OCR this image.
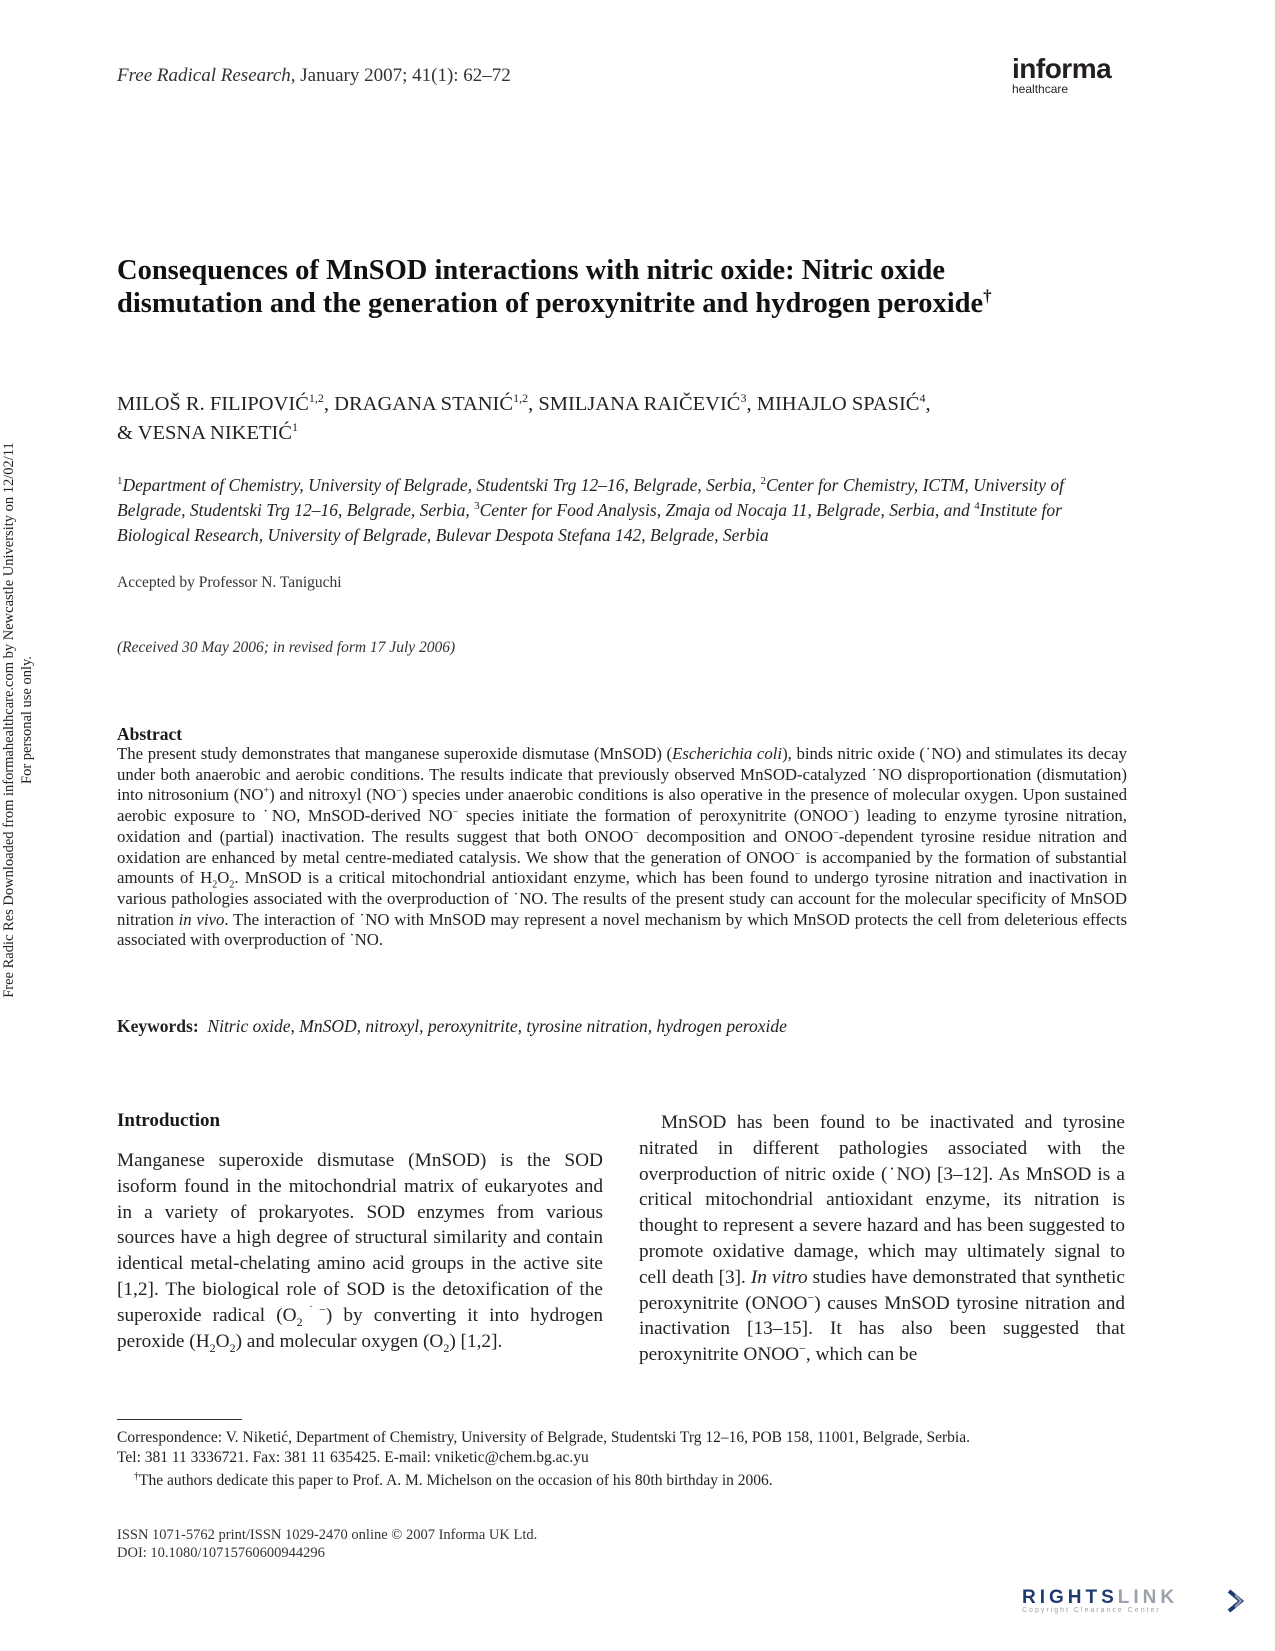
Free Radical Research, January 2007; 41(1): 62–72	informa
healthcare
Free Radic Res Downloaded from informahealthcare.com by Newcastle University on 12/02/11 For personal use only.
Consequences of MnSOD interactions with nitric oxide: Nitric oxide
dismutation and the generation of peroxynitrite and hydrogen peroxide†
MILOŠ R. FILIPOVIĆ$^{1,2}$, DRAGANA STANIĆ$^{1,2}$, SMILJANA RAIČEVIĆ$^3$, MIHAJLO SPASIĆ$^4$,
& VESNA NIKETIĆ$^1$
$^1$Department of Chemistry, University of Belgrade, Studentski Trg 12–16, Belgrade, Serbia, $^2$Center for Chemistry, ICTM, University of Belgrade, Studentski Trg 12–16, Belgrade, Serbia, $^3$Center for Food Analysis, Zmaja od Nocaja 11, Belgrade, Serbia, and $^4$Institute for Biological Research, University of Belgrade, Bulevar Despota Stefana 142, Belgrade, Serbia
Accepted by Professor N. Taniguchi
(Received 30 May 2006; in revised form 17 July 2006)
Abstract
The present study demonstrates that manganese superoxide dismutase (MnSOD) (Escherichia coli), binds nitric oxide (˙NO) and stimulates its decay under both anaerobic and aerobic conditions. The results indicate that previously observed MnSOD-catalyzed ˙NO disproportionation (dismutation) into nitrosonium (NO+) and nitroxyl (NO−) species under anaerobic conditions is also operative in the presence of molecular oxygen. Upon sustained aerobic exposure to ˙NO, MnSOD-derived NO− species initiate the formation of peroxynitrite (ONOO−) leading to enzyme tyrosine nitration, oxidation and (partial) inactivation. The results suggest that both ONOO− decomposition and ONOO−-dependent tyrosine residue nitration and oxidation are enhanced by metal centre-mediated catalysis. We show that the generation of ONOO− is accompanied by the formation of substantial amounts of $H_2O_2$. MnSOD is a critical mitochondrial antioxidant enzyme, which has been found to undergo tyrosine nitration and inactivation in various pathologies associated with the overproduction of ˙NO. The results of the present study can account for the molecular specificity of MnSOD nitration in vivo. The interaction of ˙NO with MnSOD may represent a novel mechanism by which MnSOD protects the cell from deleterious effects associated with overproduction of ˙NO.
Keywords: Nitric oxide, MnSOD, nitroxyl, peroxynitrite, tyrosine nitration, hydrogen peroxide
Introduction
Manganese superoxide dismutase (MnSOD) is the SOD isoform found in the mitochondrial matrix of eukaryotes and in a variety of prokaryotes. SOD enzymes from various sources have a high degree of structural similarity and contain identical metal-chelating amino acid groups in the active site [1,2]. The biological role of SOD is the detoxification of the superoxide radical $(O_2^{˙-})$ by converting it into hydrogen peroxide $(H_2O_2)$ and molecular oxygen $(O_2)$ [1,2].
MnSOD has been found to be inactivated and tyrosine nitrated in different pathologies associated with the overproduction of nitric oxide (˙NO) [3–12]. As MnSOD is a critical mitochondrial antioxidant enzyme, its nitration is thought to represent a severe hazard and has been suggested to promote oxidative damage, which may ultimately signal to cell death [3]. In vitro studies have demonstrated that synthetic peroxynitrite (ONOO−) causes MnSOD tyrosine nitration and inactivation [13–15]. It has also been suggested that peroxynitrite ONOO−, which can be
Correspondence: V. Niketić, Department of Chemistry, University of Belgrade, Studentski Trg 12–16, POB 158, 11001, Belgrade, Serbia.
Tel: 381 11 3336721. Fax: 381 11 635425. E-mail: vniketic@chem.bg.ac.yu
†The authors dedicate this paper to Prof. A. M. Michelson on the occasion of his 80th birthday in 2006.
ISSN 1071-5762 print/ISSN 1029-2470 online © 2007 Informa UK Ltd.
DOI: 10.1080/10715760600944296
RIGHTSLINK
Copyright Clearance Center
